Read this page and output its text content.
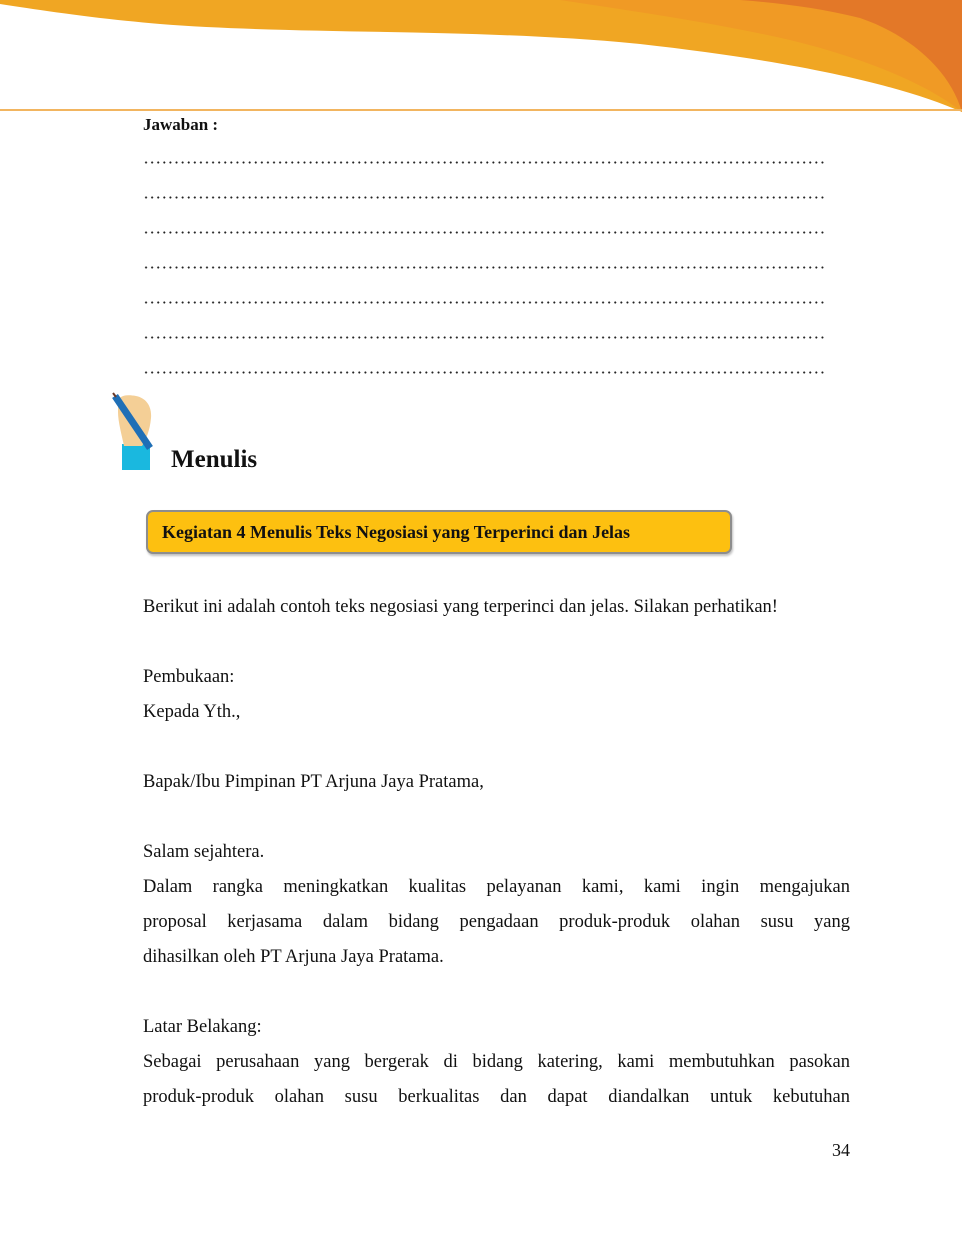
Jawaban :
Menulis
Kegiatan 4 Menulis Teks Negosiasi yang Terperinci dan Jelas
Berikut ini adalah contoh teks negosiasi yang terperinci dan jelas. Silakan perhatikan!
Pembukaan:
Kepada Yth.,
Bapak/Ibu Pimpinan PT Arjuna Jaya Pratama,
Salam sejahtera.
Dalam rangka meningkatkan kualitas pelayanan kami, kami ingin mengajukan
proposal kerjasama dalam bidang pengadaan produk-produk olahan susu yang
dihasilkan oleh PT Arjuna Jaya Pratama.
Latar Belakang:
Sebagai perusahaan yang bergerak di bidang katering, kami membutuhkan pasokan
produk-produk olahan susu berkualitas dan dapat diandalkan untuk kebutuhan
34
